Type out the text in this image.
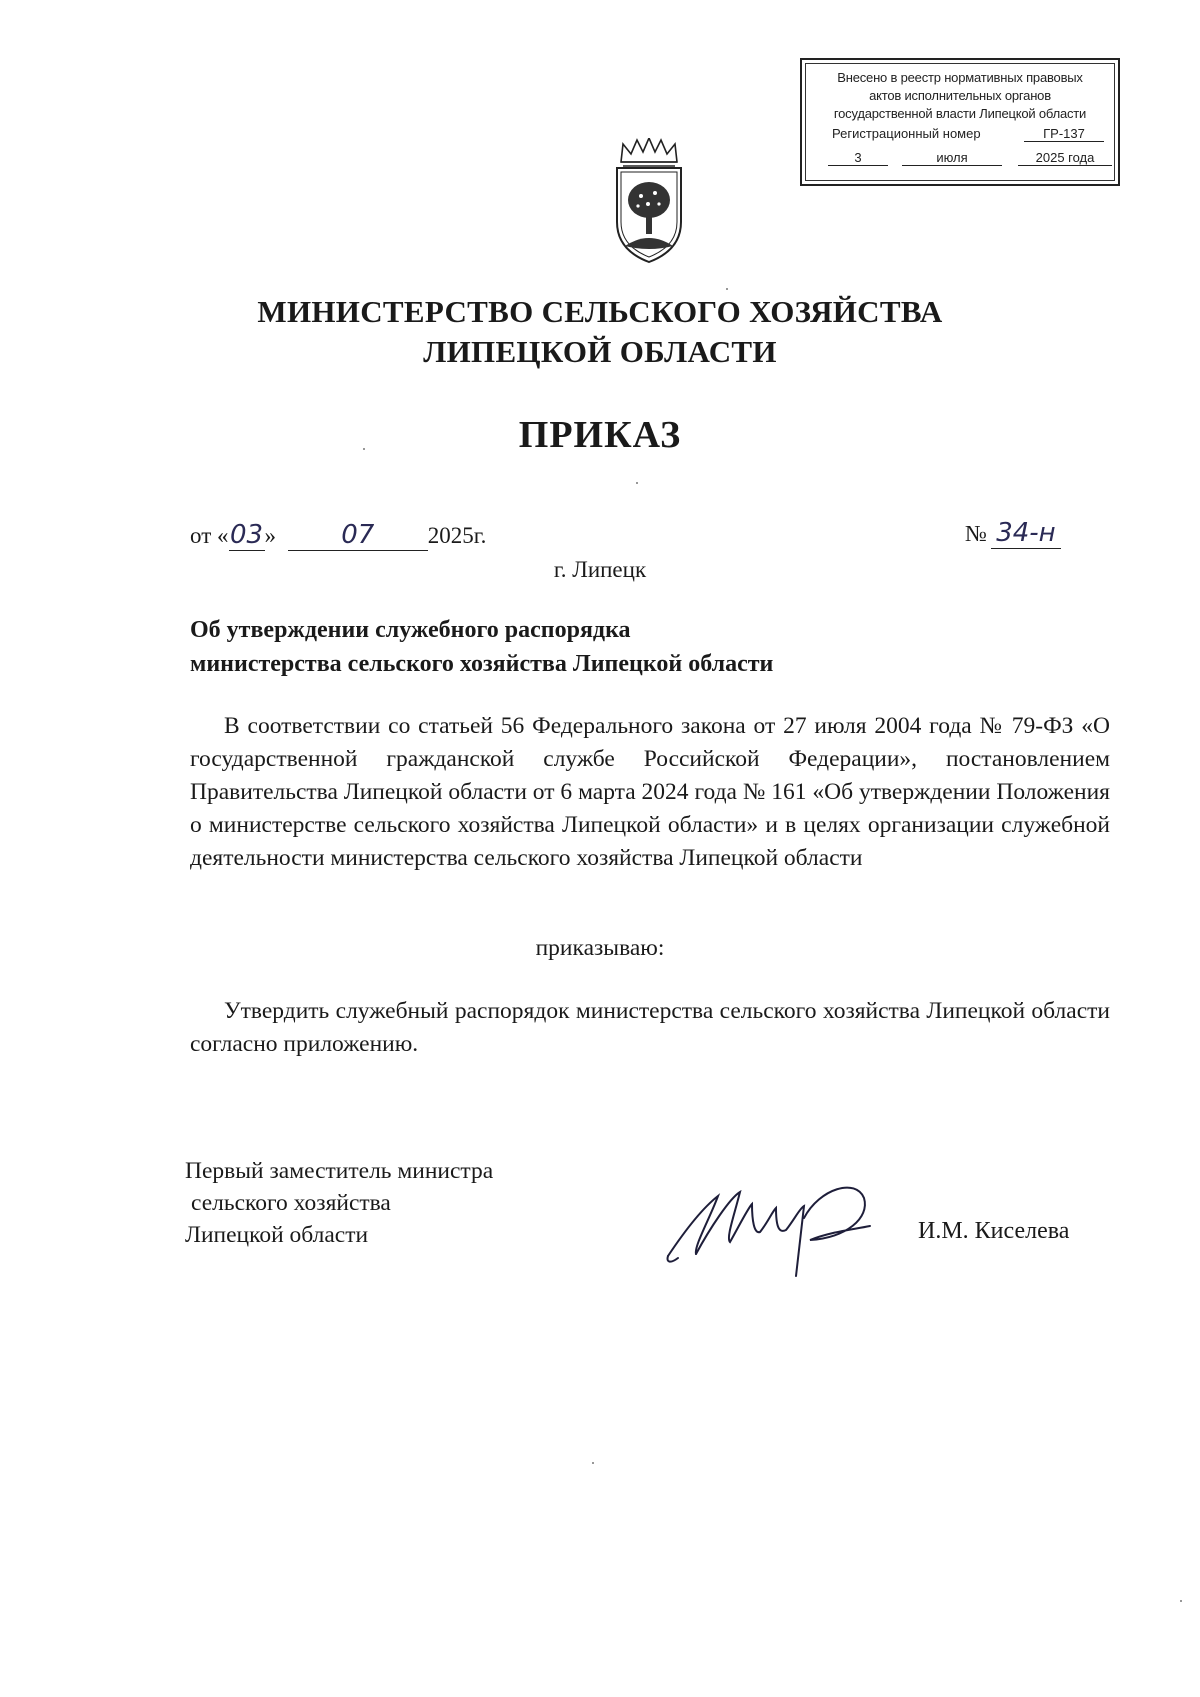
Внесено в реестр нормативных правовых
актов исполнительных органов
государственной власти Липецкой области
Регистрационный номер	ГР-137
3	июля	2025 года
МИНИСТЕРСТВО СЕЛЬСКОГО ХОЗЯЙСТВА
ЛИПЕЦКОЙ ОБЛАСТИ
ПРИКАЗ
от «03»	07 2025г.	№ 34-н
г. Липецк
Об утверждении служебного распорядка
министерства сельского хозяйства Липецкой области
В соответствии со статьей 56 Федерального закона от 27 июля 2004 года № 79-ФЗ «О государственной гражданской службе Российской Федерации», постановлением Правительства Липецкой области от 6 марта 2024 года № 161 «Об утверждении Положения о министерстве сельского хозяйства Липецкой области» и в целях организации служебной деятельности министерства сельского хозяйства Липецкой области
приказываю:
Утвердить служебный распорядок министерства сельского хозяйства Липецкой области согласно приложению.
Первый заместитель министра
сельского хозяйства
Липецкой области	И.М. Киселева
